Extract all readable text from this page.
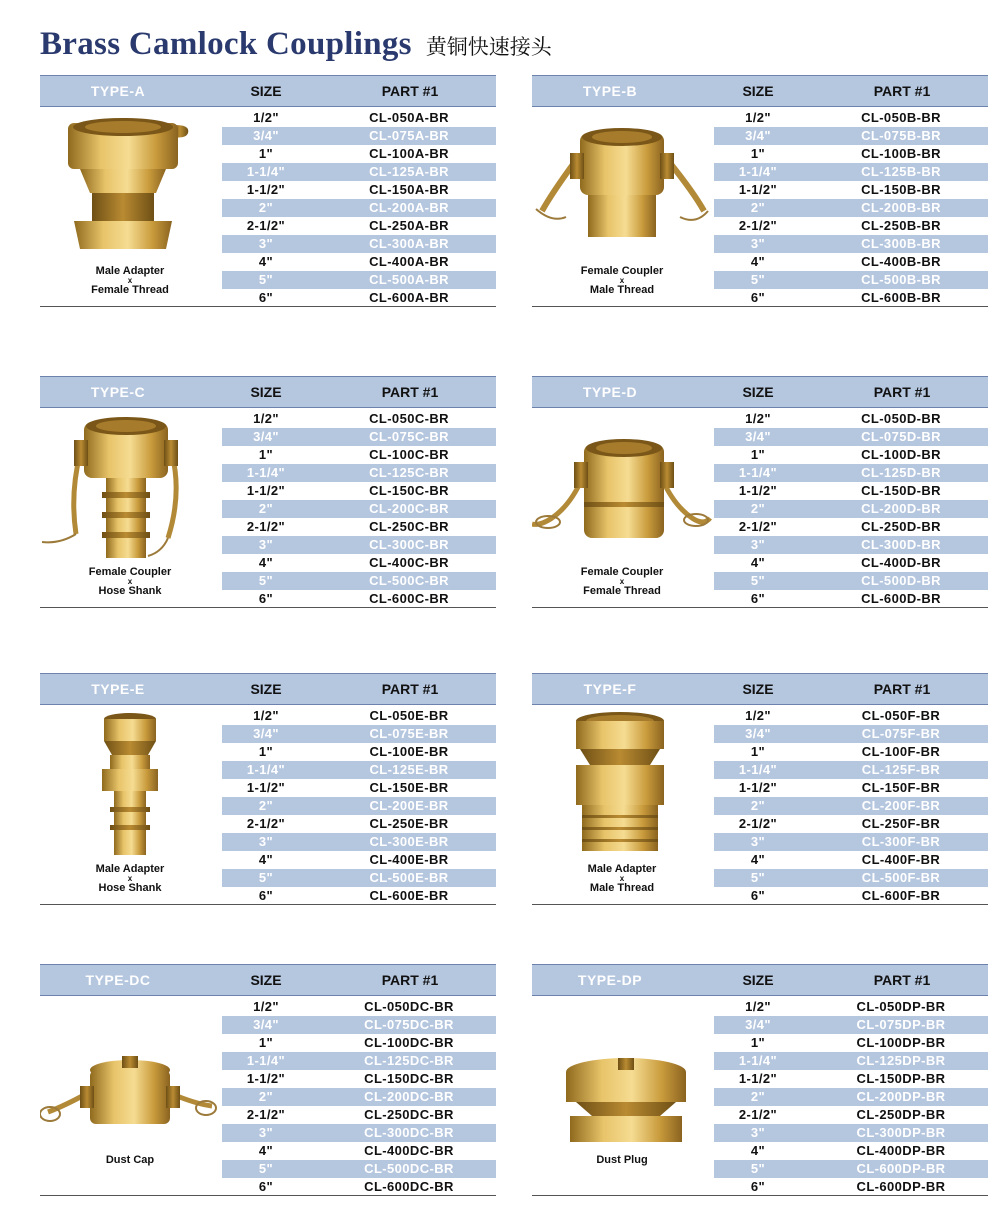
Brass Camlock Couplings 黄铜快速接头
TYPE-A	SIZE	PART #1
Male Adapter
x
Female Thread
1/2"	CL-050A-BR
3/4"	CL-075A-BR
1"	CL-100A-BR
1-1/4"	CL-125A-BR
1-1/2"	CL-150A-BR
2"	CL-200A-BR
2-1/2"	CL-250A-BR
3"	CL-300A-BR
4"	CL-400A-BR
5"	CL-500A-BR
6"	CL-600A-BR
TYPE-B	SIZE	PART #1
Female Coupler
x
Male Thread
1/2"	CL-050B-BR
3/4"	CL-075B-BR
1"	CL-100B-BR
1-1/4"	CL-125B-BR
1-1/2"	CL-150B-BR
2"	CL-200B-BR
2-1/2"	CL-250B-BR
3"	CL-300B-BR
4"	CL-400B-BR
5"	CL-500B-BR
6"	CL-600B-BR
TYPE-C	SIZE	PART #1
Female Coupler
x
Hose Shank
1/2"	CL-050C-BR
3/4"	CL-075C-BR
1"	CL-100C-BR
1-1/4"	CL-125C-BR
1-1/2"	CL-150C-BR
2"	CL-200C-BR
2-1/2"	CL-250C-BR
3"	CL-300C-BR
4"	CL-400C-BR
5"	CL-500C-BR
6"	CL-600C-BR
TYPE-D	SIZE	PART #1
Female Coupler
x
Female Thread
1/2"	CL-050D-BR
3/4"	CL-075D-BR
1"	CL-100D-BR
1-1/4"	CL-125D-BR
1-1/2"	CL-150D-BR
2"	CL-200D-BR
2-1/2"	CL-250D-BR
3"	CL-300D-BR
4"	CL-400D-BR
5"	CL-500D-BR
6"	CL-600D-BR
TYPE-E	SIZE	PART #1
Male Adapter
x
Hose Shank
1/2"	CL-050E-BR
3/4"	CL-075E-BR
1"	CL-100E-BR
1-1/4"	CL-125E-BR
1-1/2"	CL-150E-BR
2"	CL-200E-BR
2-1/2"	CL-250E-BR
3"	CL-300E-BR
4"	CL-400E-BR
5"	CL-500E-BR
6"	CL-600E-BR
TYPE-F	SIZE	PART #1
Male Adapter
x
Male Thread
1/2"	CL-050F-BR
3/4"	CL-075F-BR
1"	CL-100F-BR
1-1/4"	CL-125F-BR
1-1/2"	CL-150F-BR
2"	CL-200F-BR
2-1/2"	CL-250F-BR
3"	CL-300F-BR
4"	CL-400F-BR
5"	CL-500F-BR
6"	CL-600F-BR
TYPE-DC	SIZE	PART #1
Dust Cap
1/2"	CL-050DC-BR
3/4"	CL-075DC-BR
1"	CL-100DC-BR
1-1/4"	CL-125DC-BR
1-1/2"	CL-150DC-BR
2"	CL-200DC-BR
2-1/2"	CL-250DC-BR
3"	CL-300DC-BR
4"	CL-400DC-BR
5"	CL-500DC-BR
6"	CL-600DC-BR
TYPE-DP	SIZE	PART #1
Dust Plug
1/2"	CL-050DP-BR
3/4"	CL-075DP-BR
1"	CL-100DP-BR
1-1/4"	CL-125DP-BR
1-1/2"	CL-150DP-BR
2"	CL-200DP-BR
2-1/2"	CL-250DP-BR
3"	CL-300DP-BR
4"	CL-400DP-BR
5"	CL-600DP-BR
6"	CL-600DP-BR
